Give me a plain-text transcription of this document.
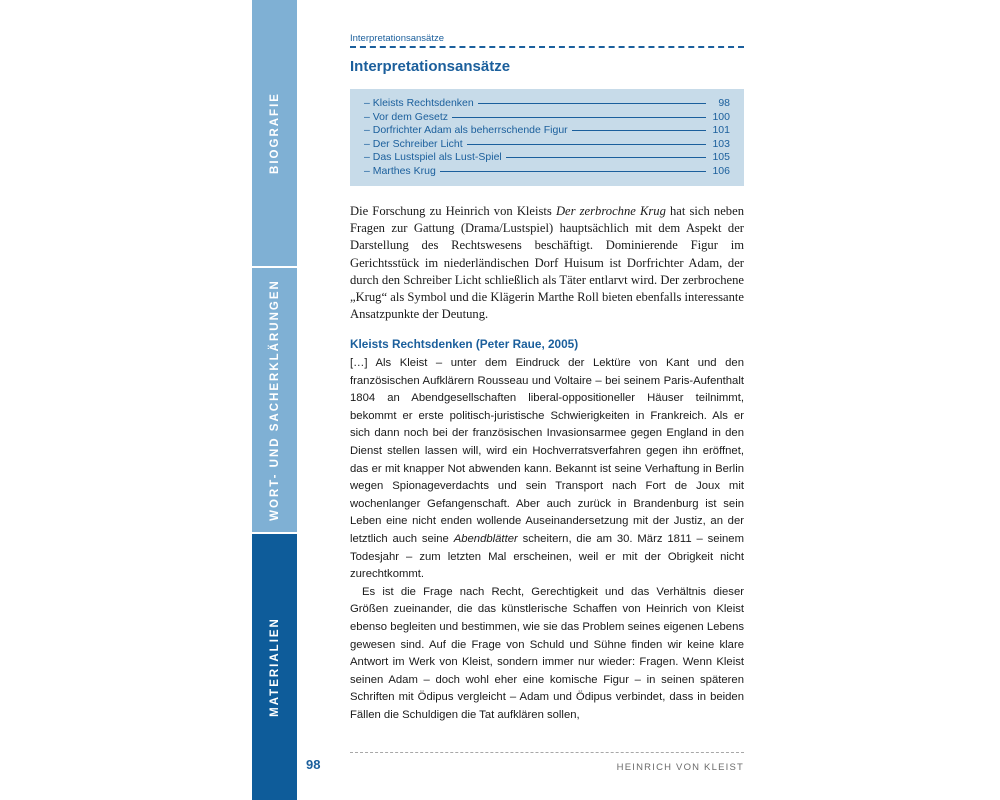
BIOGRAFIE
WORT- UND SACHERKLÄRUNGEN
MATERIALIEN
Interpretationsansätze
Interpretationsansätze
– Kleists Rechtsdenken	98
– Vor dem Gesetz	100
– Dorfrichter Adam als beherrschende Figur	101
– Der Schreiber Licht	103
– Das Lustspiel als Lust-Spiel	105
– Marthes Krug	106

Die Forschung zu Heinrich von Kleists Der zerbrochne Krug hat sich neben Fragen zur Gattung (Drama/Lustspiel) hauptsächlich mit dem Aspekt der Darstellung des Rechtswesens beschäftigt. Dominierende Figur im Gerichtsstück im niederländischen Dorf Huisum ist Dorfrichter Adam, der durch den Schreiber Licht schließlich als Täter entlarvt wird. Der zerbrochene „Krug“ als Symbol und die Klägerin Marthe Roll bieten ebenfalls interessante Ansatzpunkte der Deutung.

Kleists Rechtsdenken (Peter Raue, 2005)

[…] Als Kleist – unter dem Eindruck der Lektüre von Kant und den französischen Aufklärern Rousseau und Voltaire – bei seinem Paris-Aufenthalt 1804 an Abendgesellschaften liberal-oppositioneller Häuser teilnimmt, bekommt er erste politisch-juristische Schwierigkeiten in Frankreich. Als er sich dann noch bei der französischen Invasionsarmee gegen England in den Dienst stellen lassen will, wird ein Hochverratsverfahren gegen ihn eröffnet, das er mit knapper Not abwenden kann. Bekannt ist seine Verhaftung in Berlin wegen Spionageverdachts und sein Transport nach Fort de Joux mit wochenlanger Gefangenschaft. Aber auch zurück in Brandenburg ist sein Leben eine nicht enden wollende Auseinandersetzung mit der Justiz, an der letztlich auch seine Abendblätter scheitern, die am 30. März 1811 – seinem Todesjahr – zum letzten Mal erscheinen, weil er mit der Obrigkeit nicht zurechtkommt.

Es ist die Frage nach Recht, Gerechtigkeit und das Verhältnis dieser Größen zueinander, die das künstlerische Schaffen von Heinrich von Kleist ebenso begleiten und bestimmen, wie sie das Problem seines eigenen Lebens gewesen sind. Auf die Frage von Schuld und Sühne finden wir keine klare Antwort im Werk von Kleist, sondern immer nur wieder: Fragen. Wenn Kleist seinen Adam – doch wohl eher eine komische Figur – in seinen späteren Schriften mit Ödipus vergleicht – Adam und Ödipus verbindet, dass in beiden Fällen die Schuldigen die Tat aufklären sollen,

98	HEINRICH VON KLEIST
